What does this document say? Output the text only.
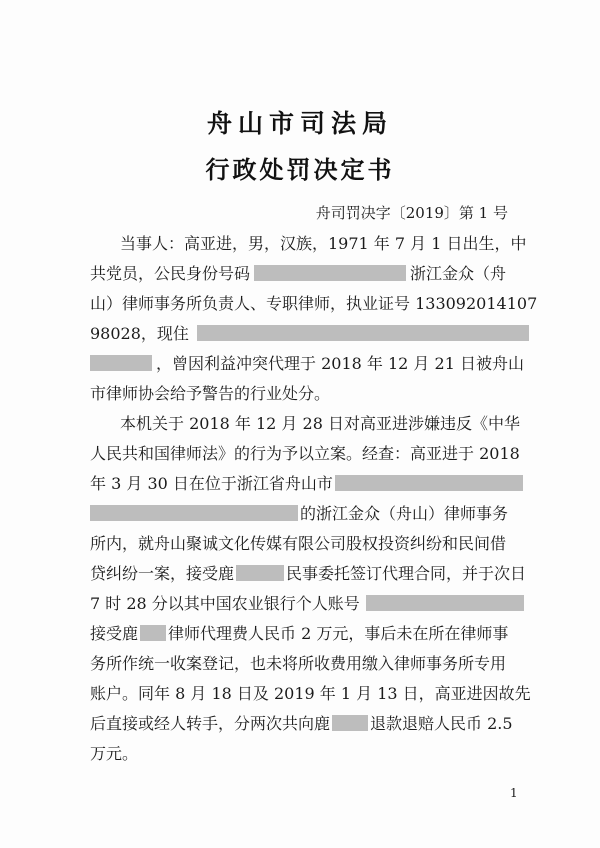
舟山市司法局
行政处罚决定书
舟司罚决字〔2019〕第 1 号
当事人：高亚进，男，汉族，1971 年 7 月 1 日出生，中
共党员，公民身份号码	浙江金众（舟
山）律师事务所负责人、专职律师，执业证号 133092014107
98028，现住
，曾因利益冲突代理于 2018 年 12 月 21 日被舟山
市律师协会给予警告的行业处分。
本机关于 2018 年 12 月 28 日对高亚进涉嫌违反《中华
人民共和国律师法》的行为予以立案。经查：高亚进于 2018
年 3 月 30 日在位于浙江省舟山市
的浙江金众（舟山）律师事务
所内，就舟山聚诚文化传媒有限公司股权投资纠纷和民间借
贷纠纷一案，接受鹿	民事委托签订代理合同，并于次日
7 时 28 分以其中国农业银行个人账号
接受鹿 律师代理费人民币 2 万元，事后未在所在律师事
务所作统一收案登记，也未将所收费用缴入律师事务所专用
账户。同年 8 月 18 日及 2019 年 1 月 13 日，高亚进因故先
后直接或经人转手，分两次共向鹿	退款退赔人民币 2.5
万元。
1
